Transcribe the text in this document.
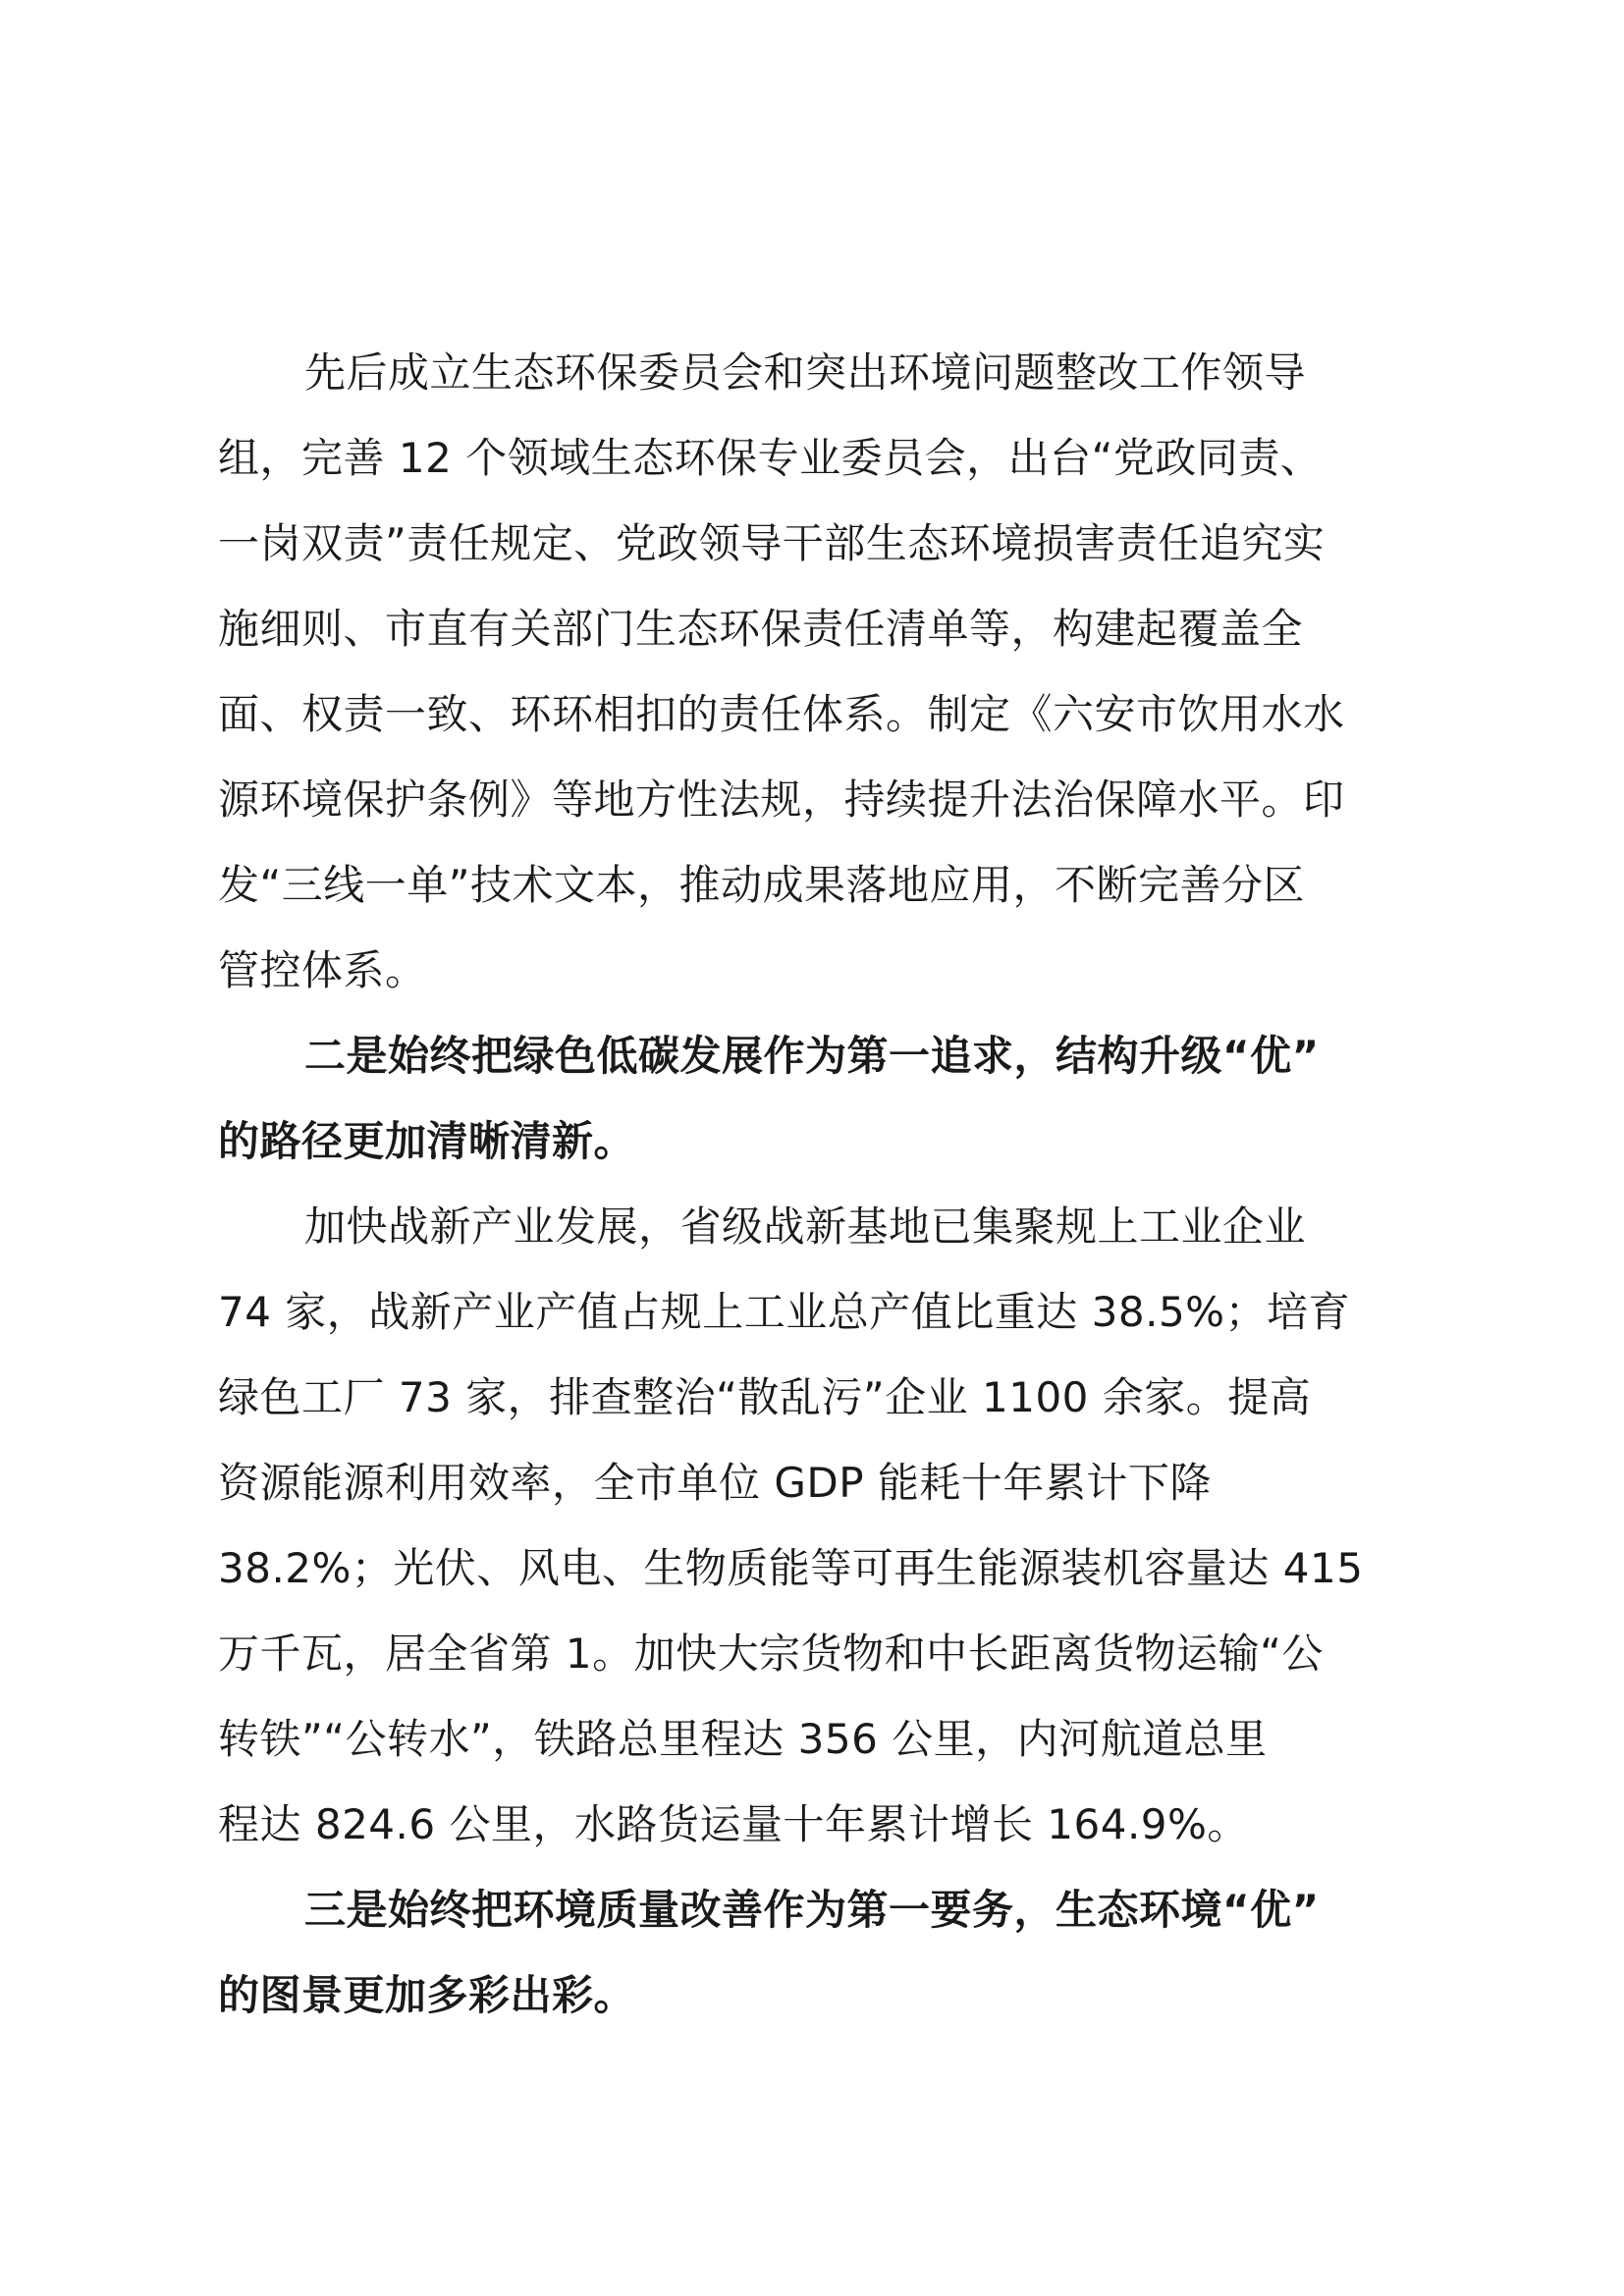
先后成立生态环保委员会和突出环境问题整改工作领导
组，完善 12 个领域生态环保专业委员会，出台“党政同责、
一岗双责”责任规定、党政领导干部生态环境损害责任追究实
施细则、市直有关部门生态环保责任清单等，构建起覆盖全
面、权责一致、环环相扣的责任体系。制定《六安市饮用水水
源环境保护条例》等地方性法规，持续提升法治保障水平。印
发“三线一单”技术文本，推动成果落地应用，不断完善分区
管控体系。
二是始终把绿色低碳发展作为第一追求，结构升级“优”
的路径更加清晰清新。
加快战新产业发展，省级战新基地已集聚规上工业企业
74 家，战新产业产值占规上工业总产值比重达 38.5%；培育
绿色工厂 73 家，排查整治“散乱污”企业 1100 余家。提高
资源能源利用效率，全市单位 GDP 能耗十年累计下降
38.2%；光伏、风电、生物质能等可再生能源装机容量达 415
万千瓦，居全省第 1。加快大宗货物和中长距离货物运输“公
转铁”“公转水”，铁路总里程达 356 公里，内河航道总里
程达 824.6 公里，水路货运量十年累计增长 164.9%。
三是始终把环境质量改善作为第一要务，生态环境“优”
的图景更加多彩出彩。
